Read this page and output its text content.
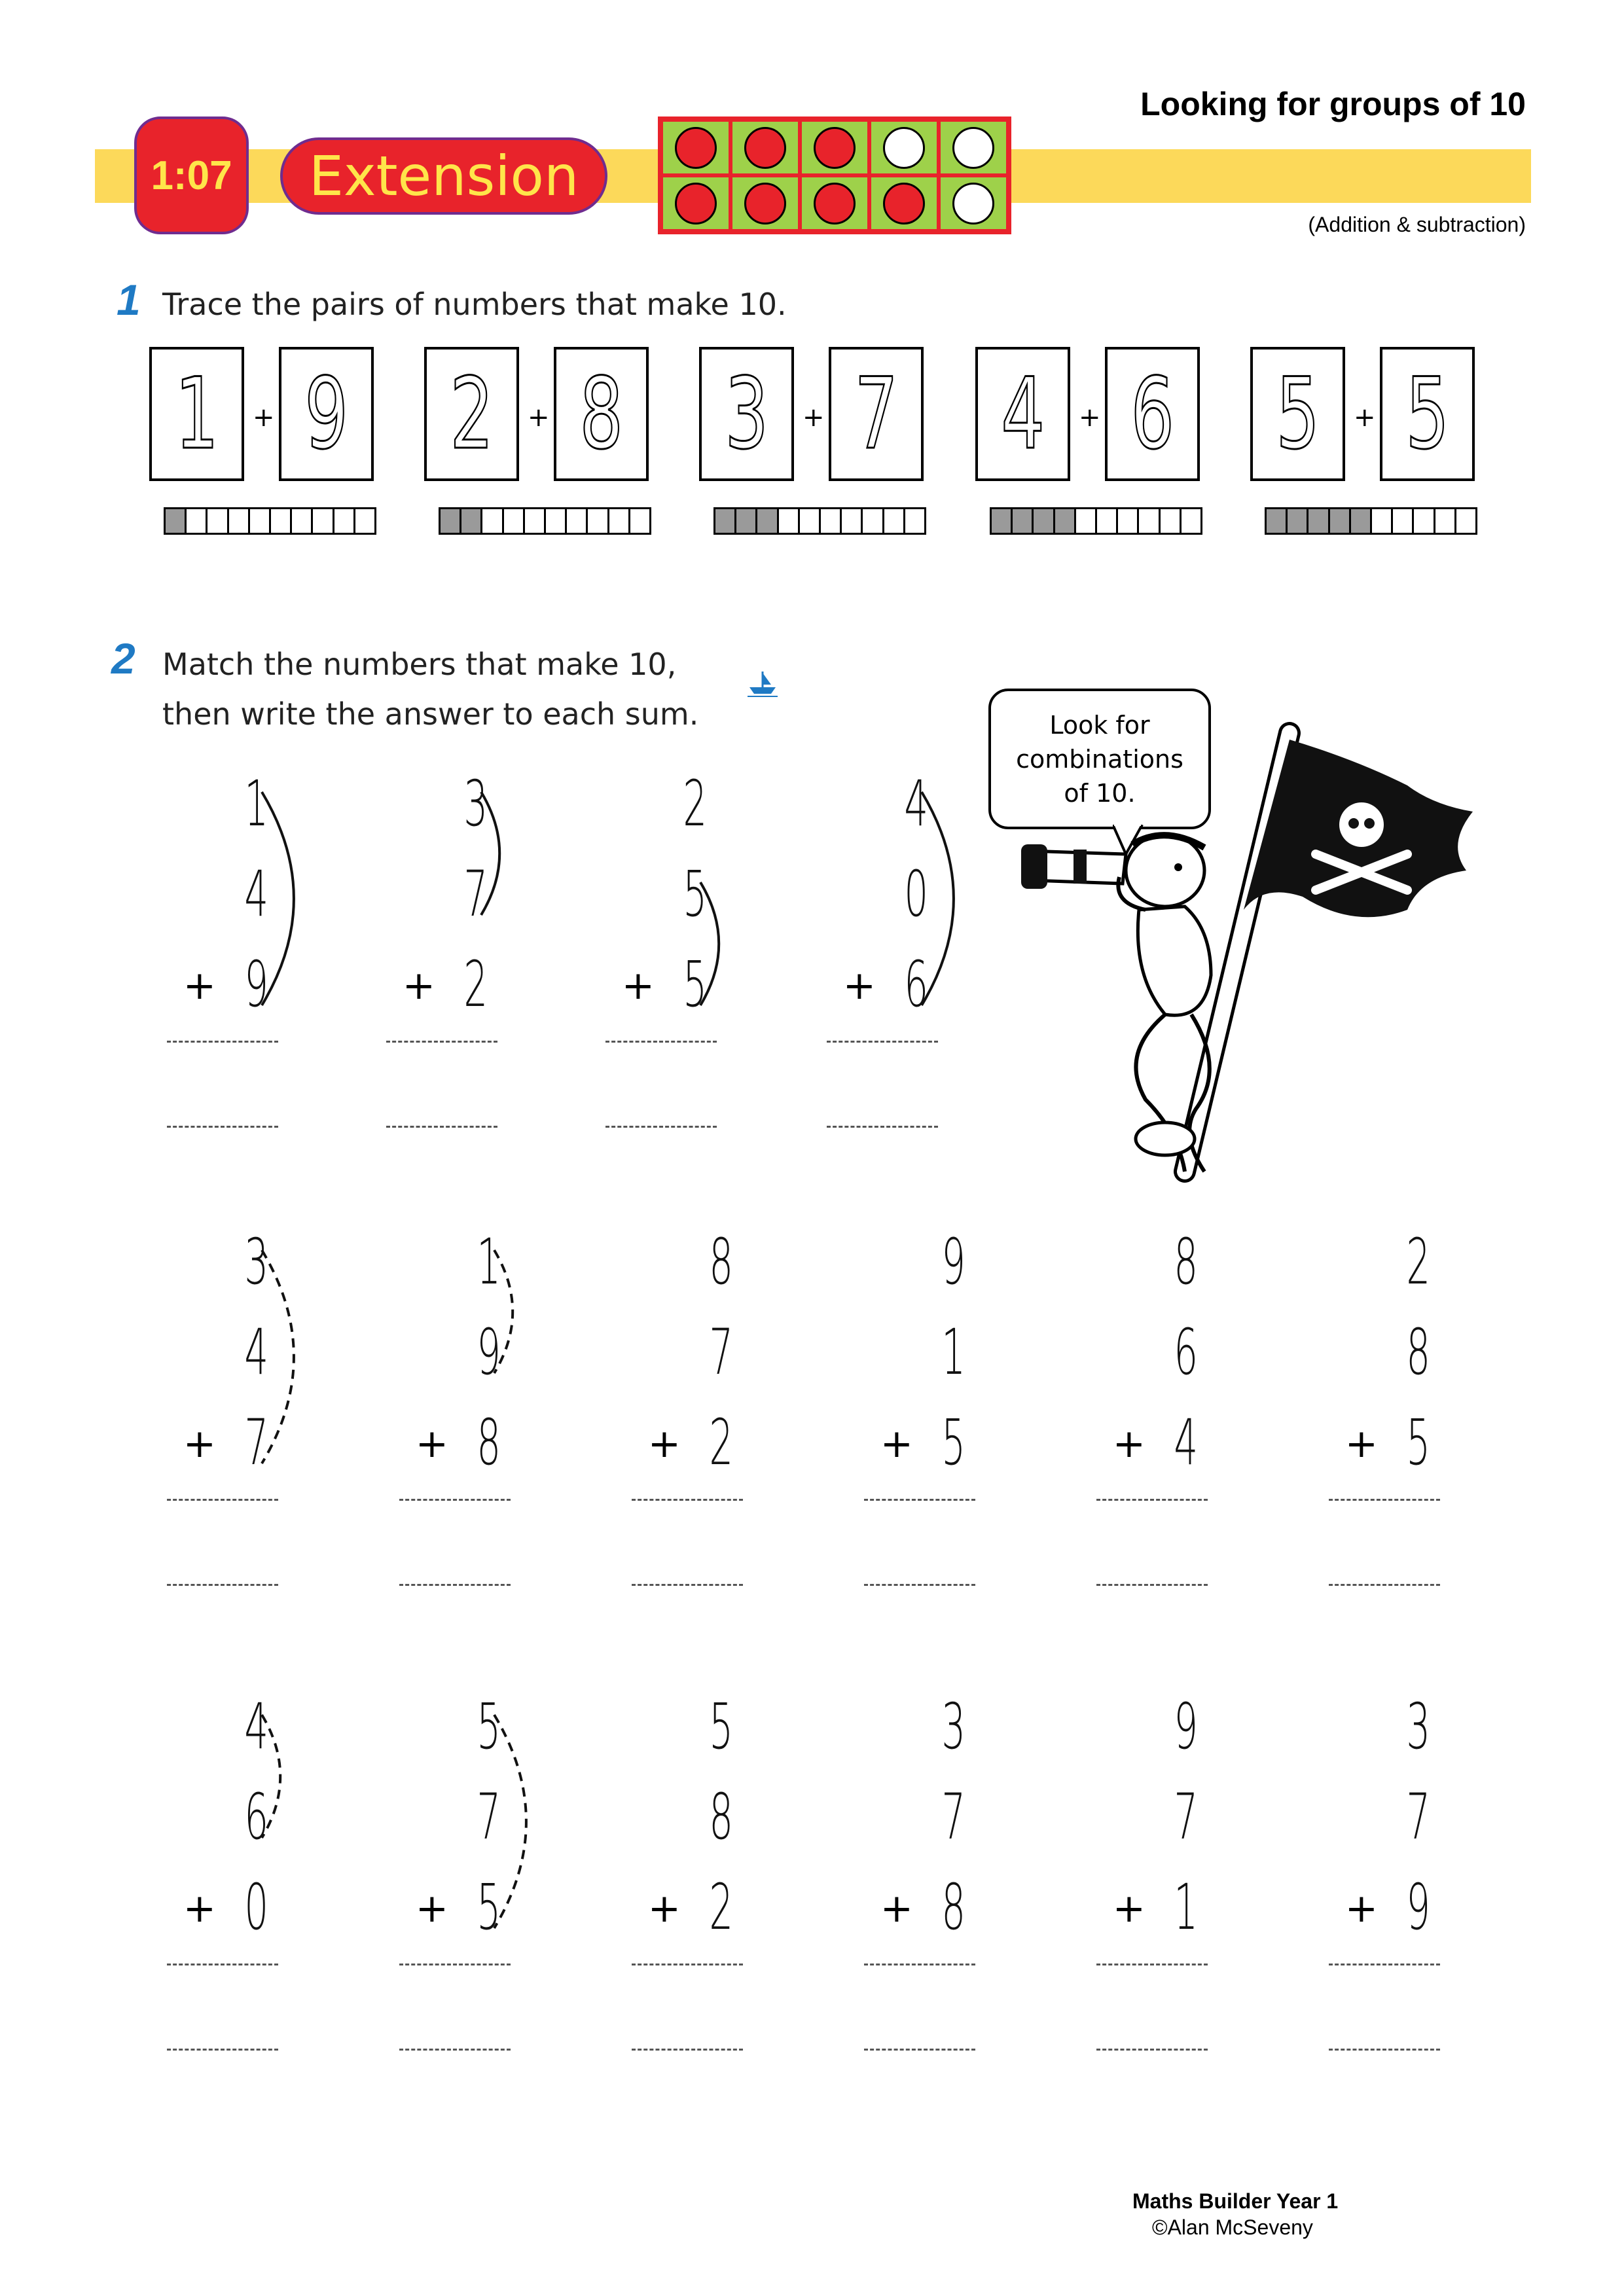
1:07	Extension
Looking for groups of 10
(Addition & subtraction)
1 Trace the pairs of numbers that make 10.
1 + 9 2 + 8 3 + 7 4 + 6 5 + 5
2 Match the numbers that make 10,
then write the answer to each sum.	Look for
combinations
of 10.
1
4
9
+
3
7
2
+
2
5
5
+
4
0
6
+
3
4
7
+
1
9
8
+
8
7
2
+
9
1
5
+
8
6
4
+
2
8
5
+
4
6
0
+
5
7
5
+
5
8
2
+
3
7
8
+
9
7
1
+
3
7
9
+
Maths Builder Year 1
©Alan McSeveny
